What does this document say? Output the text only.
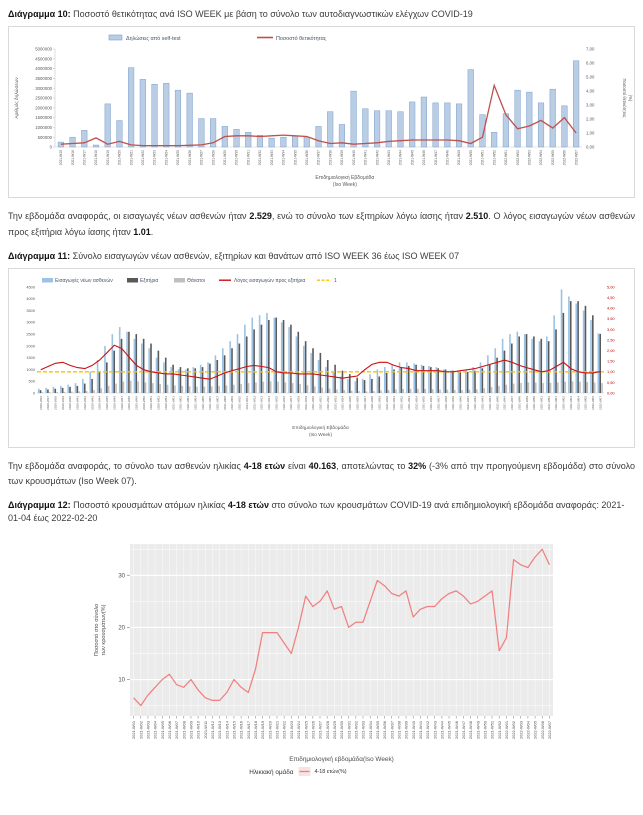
Διάγραμμα 10: Ποσοστό θετικότητας ανά ISO WEEK με βάση το σύνολο των αυτοδιαγνωστικών ελέγχων COVID-19
Δηλώσεις από self-test	Ποσοστό θετικότητας
0
500000
1000000
1500000
2000000
2500000
3000000
3500000
4000000
4500000
5000000
0,00
1,00
2,00
3,00
4,00
5,00
6,00
7,00
2021-W15 2021-W16 2021-W17 2021-W18 2021-W19 2021-W20 2021-W21 2021-W22 2021-W23 2021-W24 2021-W25 2021-W26 2021-W27 2021-W28 2021-W29 2021-W30 2021-W31 2021-W32 2021-W33 2021-W34 2021-W35 2021-W36 2021-W37 2021-W38 2021-W39 2021-W40 2021-W41 2021-W42 2021-W43 2021-W44 2021-W45 2021-W46 2021-W47 2021-W48 2021-W49 2021-W50 2021-W51 2021-W52 2022-W01 2022-W02 2022-W03 2022-W04 2022-W05 2022-W06 2022-W07
Αριθμός δηλώσεων	Ποσοστό θετικότητας (%)
Επιδημιολογική Εβδομάδα
(Iso Week)
Την εβδομάδα αναφοράς, οι εισαγωγές νέων ασθενών ήταν 2.529, ενώ το σύνολο των εξιτηρίων λόγω ίασης ήταν 2.510. Ο λόγος εισαγωγών νέων ασθενών προς εξιτήρια λόγω ίασης ήταν 1.01.
Διάγραμμα 11: Σύνολο εισαγωγών νέων ασθενών, εξιτηρίων και θανάτων από ISO WEEK 36 έως ISO WEEK 07
Εισαγωγές νέων ασθενών	Εξιτήρια	Θάνατοι	Λόγος εισαγωγών προς εξιτήρια	1
0
500
1000
1500
2000
2500
3000
3500
4000
4500
0,00
0,50
1,00
1,50
2,00
2,50
3,00
3,50
4,00
4,50
5,00
2020-W36 2020-W37 2020-W38 2020-W39 2020-W40 2020-W41 2020-W42 2020-W43 2020-W44 2020-W45 2020-W46 2020-W47 2020-W48 2020-W49 2020-W50 2020-W51 2020-W52 2020-W53 2021-W01 2021-W02 2021-W03 2021-W04 2021-W05 2021-W06 2021-W07 2021-W08 2021-W09 2021-W10 2021-W11 2021-W12 2021-W13 2021-W14 2021-W15 2021-W16 2021-W17 2021-W18 2021-W19 2021-W20 2021-W21 2021-W22 2021-W23 2021-W24 2021-W25 2021-W26 2021-W27 2021-W28 2021-W29 2021-W30 2021-W31 2021-W32 2021-W33 2021-W34 2021-W35 2021-W36 2021-W37 2021-W38 2021-W39 2021-W40 2021-W41 2021-W42 2021-W43 2021-W44 2021-W45 2021-W46 2021-W47 2021-W48 2021-W49 2021-W50 2021-W51 2021-W52 2022-W01 2022-W02 2022-W03 2022-W04 2022-W05 2022-W06 2022-W07
Επιδημιολογική Εβδομάδα
(Iso Week)
Την εβδομάδα αναφοράς, το σύνολο των ασθενών ηλικίας 4-18 ετών είναι 40.163, αποτελώντας το 32% (-3% από την προηγούμενη εβδομάδα) στο σύνολο των κρουσμάτων (Iso Week 07).
Διάγραμμα 12: Ποσοστό κρουσμάτων ατόμων ηλικίας 4-18 ετών στο σύνολο των κρουσμάτων COVID-19 ανά επιδημιολογική εβδομάδα αναφοράς: 2021-01-04 έως 2022-02-20
10
20
30
2021-W01 2021-W02 2021-W03 2021-W04 2021-W05 2021-W06 2021-W07 2021-W08 2021-W09 2021-W10 2021-W11 2021-W12 2021-W13 2021-W14 2021-W15 2021-W16 2021-W17 2021-W18 2021-W19 2021-W20 2021-W21 2021-W22 2021-W23 2021-W24 2021-W25 2021-W26 2021-W27 2021-W28 2021-W29 2021-W30 2021-W31 2021-W32 2021-W33 2021-W34 2021-W35 2021-W36 2021-W37 2021-W38 2021-W39 2021-W40 2021-W41 2021-W42 2021-W43 2021-W44 2021-W45 2021-W46 2021-W47 2021-W48 2021-W49 2021-W50 2021-W51 2021-W52 2022-W01 2022-W02 2022-W03 2022-W04 2022-W05 2022-W06 2022-W07
Επιδημιολογική εβδομάδα(Iso Week)
Ποσοστό στο σύνολο των κρουσμάτων(%)
Ηλικιακή ομάδα	4-18 ετών(%)
